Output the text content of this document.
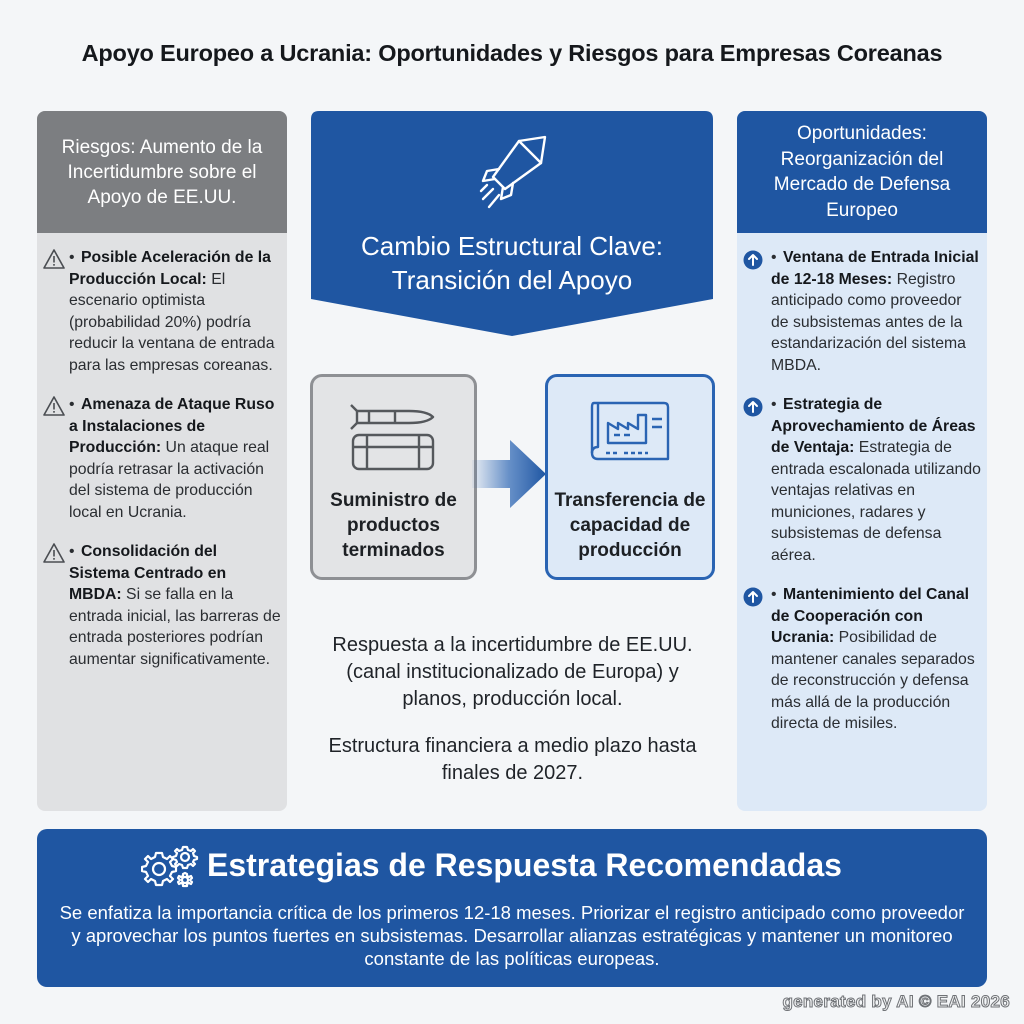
Apoyo Europeo a Ucrania: Oportunidades y Riesgos para Empresas Coreanas
Riesgos: Aumento de la Incertidumbre sobre el Apoyo de EE.UU.
• Posible Aceleración de la Producción Local: El escenario optimista (probabilidad 20%) podría reducir la ventana de entrada para las empresas coreanas.
• Amenaza de Ataque Ruso a Instalaciones de Producción: Un ataque real podría retrasar la activación del sistema de producción local en Ucrania.
• Consolidación del Sistema Centrado en MBDA: Si se falla en la entrada inicial, las barreras de entrada posteriores podrían aumentar significativamente.
Cambio Estructural Clave: Transición del Apoyo
Suministro de productos terminados
Transferencia de capacidad de producción
Respuesta a la incertidumbre de EE.UU. (canal institucionalizado de Europa) y planos, producción local.
Estructura financiera a medio plazo hasta finales de 2027.
Oportunidades: Reorganización del Mercado de Defensa Europeo
• Ventana de Entrada Inicial de 12-18 Meses: Registro anticipado como proveedor de subsistemas antes de la estandarización del sistema MBDA.
• Estrategia de Aprovechamiento de Áreas de Ventaja: Estrategia de entrada escalonada utilizando ventajas relativas en municiones, radares y subsistemas de defensa aérea.
• Mantenimiento del Canal de Cooperación con Ucrania: Posibilidad de mantener canales separados de reconstrucción y defensa más allá de la producción directa de misiles.
Estrategias de Respuesta Recomendadas
Se enfatiza la importancia crítica de los primeros 12-18 meses. Priorizar el registro anticipado como proveedor y aprovechar los puntos fuertes en subsistemas. Desarrollar alianzas estratégicas y mantener un monitoreo constante de las políticas europeas.
generated by AI © EAI 2026
